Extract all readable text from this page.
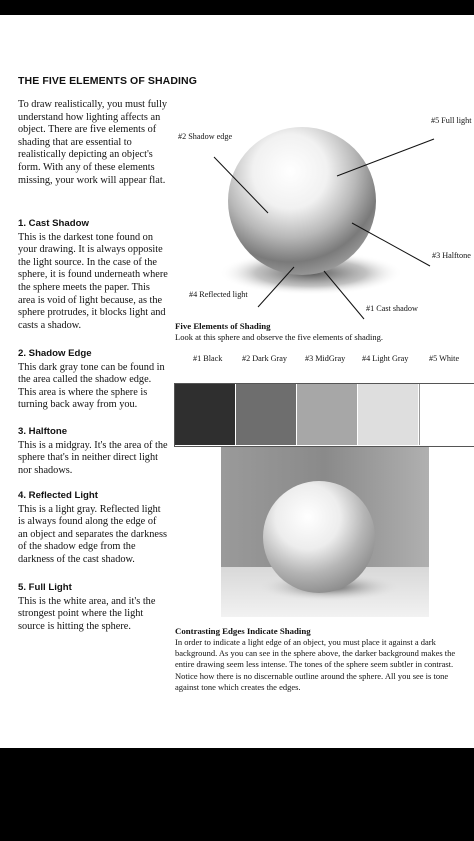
THE FIVE ELEMENTS OF SHADING

To draw realistically, you must fully understand how lighting affects an object. There are five elements of shading that are essential to realistically depicting an object's form. With any of these elements missing, your work will appear flat.

1. Cast Shadow

This is the darkest tone found on your drawing. It is always opposite the light source. In the case of the sphere, it is found underneath where the sphere meets the paper. This area is void of light because, as the sphere protrudes, it blocks light and casts a shadow.

2. Shadow Edge

This dark gray tone can be found in the area called the shadow edge. This area is where the sphere is turning back away from you.

3. Halftone

This is a midgray. It's the area of the sphere that's in neither direct light nor shadows.

4. Reflected Light

This is a light gray. Reflected light is always found along the edge of an object and separates the darkness of the shadow edge from the darkness of the cast shadow.

5. Full Light

This is the white area, and it's the strongest point where the light source is hitting the sphere.

#5 Full light
#2 Shadow edge
#3 Halftone
#4 Reflected light
#1 Cast shadow
Five Elements of Shading
Look at this sphere and observe the five elements of shading.
#1 Black #2 Dark Gray #3 MidGray #4 Light Gray	#5 White
Contrasting Edges Indicate Shading
In order to indicate a light edge of an object, you must place it against a dark background. As you can see in the sphere above, the darker background makes the entire drawing seem less intense. The tones of the sphere seem subtler in contrast. Notice how there is no discernable outline around the sphere. All you see is tone against tone which creates the edges.
